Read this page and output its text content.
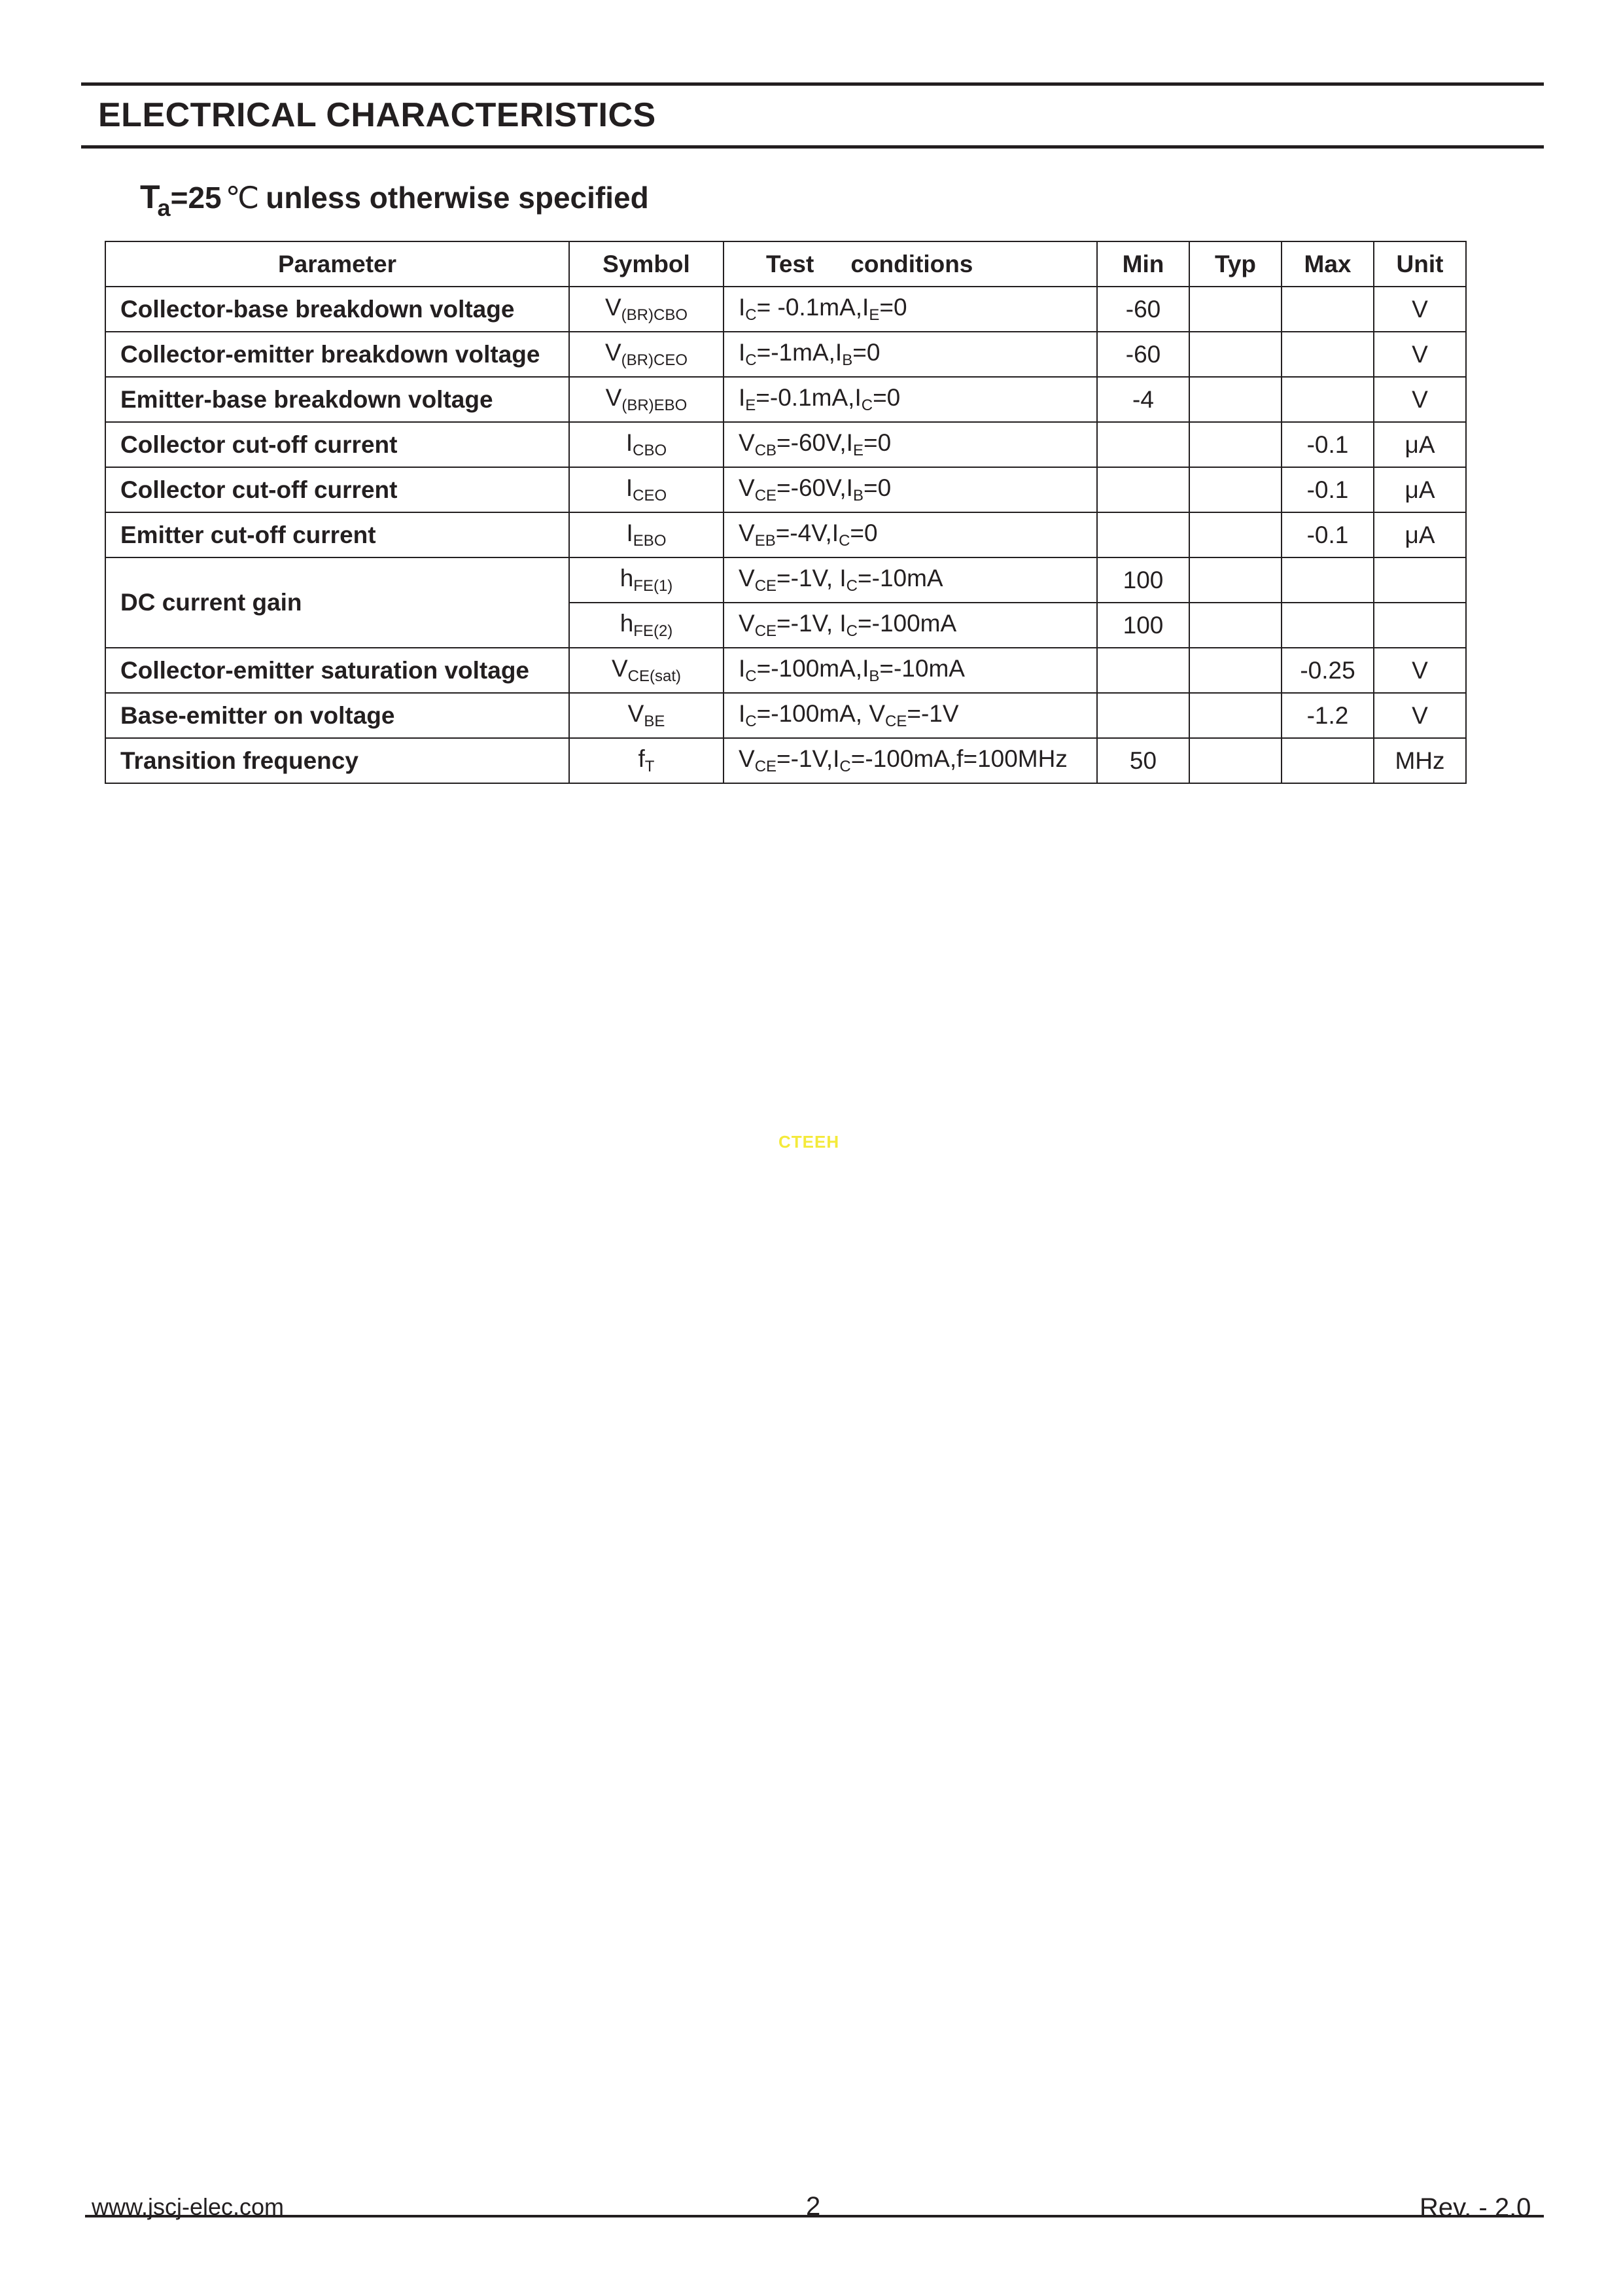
ELECTRICAL CHARACTERISTICS
$T_a=25$ ℃ unless otherwise specified
Parameter	Symbol	Test conditions	Min	Typ	Max	Unit
Collector-base breakdown voltage	$V_{(BR)CBO}$	$I_C= -0.1mA,I_E=0$	-60			V
Collector-emitter breakdown voltage	$V_{(BR)CEO}$	$I_C=-1mA,I_B=0$	-60			V
Emitter-base breakdown voltage	$V_{(BR)EBO}$	$I_E=-0.1mA,I_C=0$	-4			V
Collector cut-off current	$I_{CBO}$	$V_{CB}=-60V,I_E=0$			-0.1	μA
Collector cut-off current	$I_{CEO}$	$V_{CE}=-60V,I_B=0$			-0.1	μA
Emitter cut-off current	$I_{EBO}$	$V_{EB}=-4V,I_C=0$			-0.1	μA
DC current gain	$h_{FE(1)}$	$V_{CE}=-1V$, $I_C=-10mA$	100			
	$h_{FE(2)}$	$V_{CE}=-1V$, $I_C=-100mA$	100			
Collector-emitter saturation voltage	$V_{CE(sat)}$	$I_C=-100mA,I_B=-10mA$			-0.25	V
Base-emitter on voltage	$V_{BE}$	$I_C=-100mA$, $V_{CE}=-1V$			-1.2	V
Transition frequency	$f_T$	$V_{CE}=-1V,I_C=-100mA,f=100MHz$	50			MHz
CTEEH
www.jscj-elec.com	2	Rev. - 2.0
